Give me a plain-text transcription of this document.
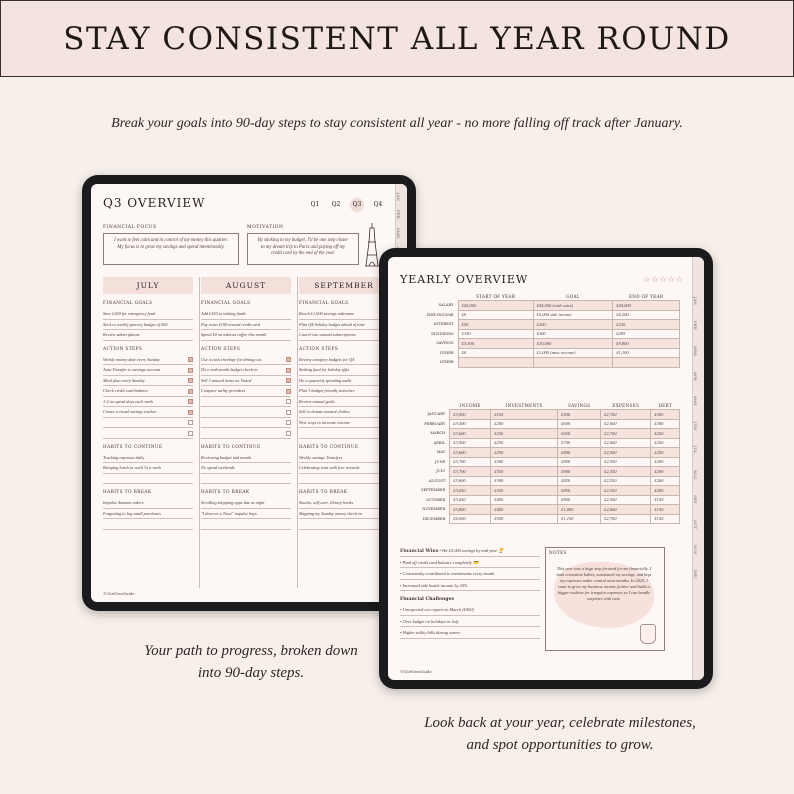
STAY CONSISTENT ALL YEAR ROUND

Break your goals into 90-day steps to stay consistent all year - no more falling off track after January.

Q3 OVERVIEW	Q1	Q2	Q3	Q4
FINANCIAL FOCUS
I want to feel calm and in control of my money this quarter. My focus is to grow my savings and spend intentionally.
MOTIVATION
By sticking to my budget, I'll be one step closer to my dream trip to Paris and paying off my credit card by the end of the year.
JULY
FINANCIAL GOALS
Save £200 for emergency fund
Stick to weekly grocery budget of £60
Review subscriptions
ACTION STEPS
Weekly money date every Sunday
Auto-Transfer to savings account
Meal plan every Sunday
Check credit card balance
1-2 no spend days each week
Create a visual savings tracker
HABITS TO CONTINUE
Tracking expenses daily
Bringing lunch to work 3x a week
HABITS TO BREAK
Impulse Amazon orders
Forgetting to log small purchases
AUGUST
FINANCIAL GOALS
Add £150 to sinking funds
Pay extra £100 toward credit card
Spend £0 on takeout coffee this month
ACTION STEPS
Use a cash envelope for dining out
Do a mid-month budget check-in
Sell 3 unused items on Vinted
Compare utility providers
HABITS TO CONTINUE
Reviewing budget mid month
No spend weekends
HABITS TO BREAK
Scrolling shopping apps late at night
"I deserve a Treat" impulse buys
SEPTEMBER
FINANCIAL GOALS
Reach £1,000 savings milestone
Plan Q4 holiday budget ahead of time
Cancel two unused subscriptions
ACTION STEPS
Review category budgets for Q4
Sinking fund for holiday gifts
Do a quarterly spending audit
Plan 3 budget-friendly activities
Review annual goals
Sell or donate unused clothes
New ways to increase income
HABITS TO CONTINUE
Weekly savings Transfers
Celebrating wins with free rewards
HABITS TO BREAK
Snacks, self-care, library books
Skipping my Sunday money check-in
©GirlGenGuide
JAN
FEB
MAR
YEARLY OVERVIEW	☆☆☆☆☆
	START OF YEAR	GOAL	END OF YEAR
SALARY	£42,000	£44,000 (with raise)	£44,000
SIDE INCOME	£0	£5,000 side income	£4,200
INTEREST	£50	£200	£230
DIVIDENDS	£150	£300	£285
SAVINGS	£3,500	£10,000	£9,800
OTHER	£0	£1,000 (misc income)	£1,100
OTHER			
	INCOME	INVESTMENTS	SAVINGS	EXPENSES	DEBT
JANUARY	£3,500	£150	£500	£2,700	£300
FEBRUARY	£3,500	£200	£600	£2,600	£300
MARCH	£3,600	£250	£650	£2,700	£250
APRIL	£3,500	£250	£700	£2,600	£250
MAY	£3,600	£250	£800	£2,500	£250
JUNE	£3,700	£300	£850	£2,550	£200
JULY	£3,700	£350	£900	£2,550	£200
AUGUST	£3,600	£300	£820	£2,550	£200
SEPTEMBER	£3,650	£350	£850	£2,550	£200
OCTOBER	£3,650	£400	£900	£2,500	£150
NOVEMBER	£3,800	£400	£1,000	£2,600	£150
DECEMBER	£4,000	£500	£1,100	£2,700	£150
Financial Wins • Hit £5,000 savings by mid-year 🏆
• Paid off credit card balance completely 💳
• Consistently contributed to investments every month
• Increased side hustle income by 20%
Financial Challenges
• Unexpected car repairs in March (£500)
• Over budget on holidays in July
• Higher utility bills during winter
NOTES
This year was a huge step forward for me financially. I built consistent habits, automated my savings, and kept my expenses under control most months. In 2025, I want to grow my business income further and build a bigger cushion for irregular expenses so I can handle surprises with ease.
©GirlGenGuide
JAN
FEB
MAR
APR
MAY
JUN
JUL
AUG
SEP
OCT
NOV
DEC
Your path to progress, broken down
into 90-day steps.
Look back at your year, celebrate milestones,
and spot opportunities to grow.
